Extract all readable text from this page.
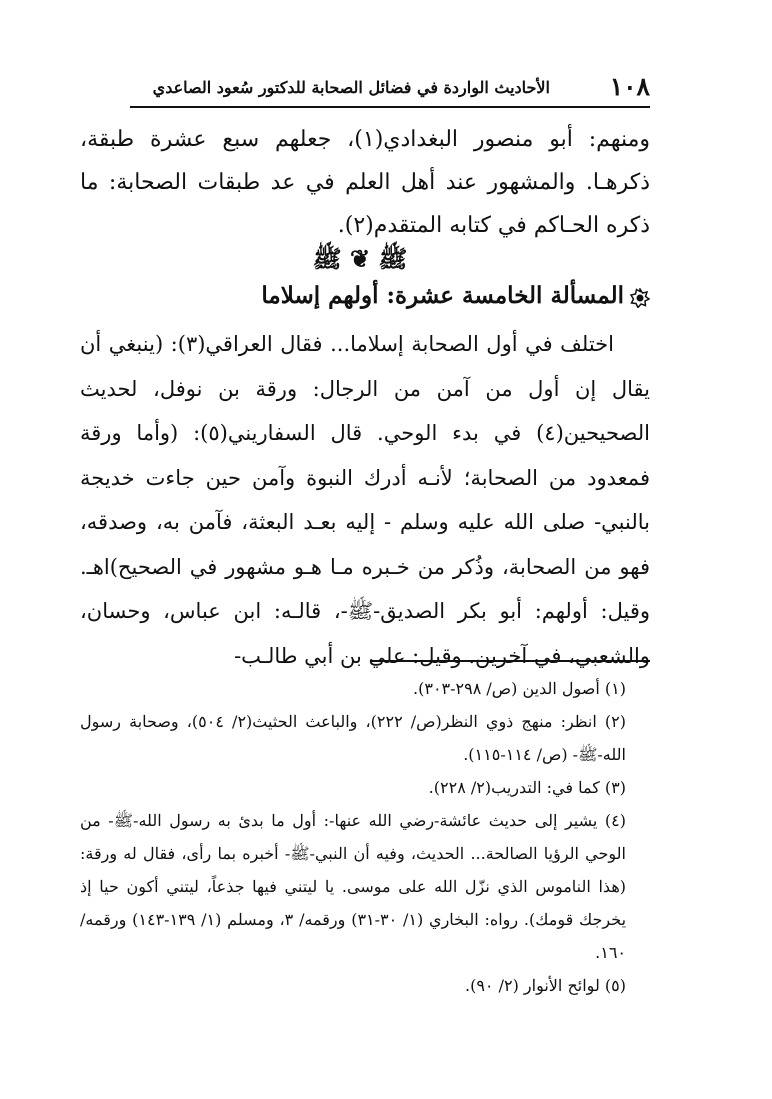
١٠٨
الأحاديث الواردة في فضائل الصحابة للدكتور سُعود الصاعدي

ومنهم: أبو منصور البغدادي(١)، جعلهم سبع عشرة طبقة، ذكرهـا. والمشهور عند أهل العلم في عد طبقات الصحابة: ما ذكره الحـاكم في كتابه المتقدم(٢).

ﷺ ❦ ﷺ
المسألة الخامسة عشرة: أولهم إسلاما

اختلف في أول الصحابة إسلاما... فقال العراقي(٣): (ينبغي أن يقال إن أول من آمن من الرجال: ورقة بن نوفل، لحديث الصحيحين(٤) في بدء الوحي. قال السفاريني(٥): (وأما ورقة فمعدود من الصحابة؛ لأنـه أدرك النبوة وآمن حين جاءت خديجة بالنبي- صلى الله عليه وسلم - إليه بعـد البعثة، فآمن به، وصدقه، فهو من الصحابة، وذُكر من خـبره مـا هـو مشهور في الصحيح)اهـ. وقيل: أولهم: أبو بكر الصديق-ﷺ-، قالـه: ابن عباس، وحسان، والشعبي، في آخرين. وقيل: علي بن أبي طالـب-

(١) أصول الدين (ص/ ٢٩٨-٣٠٣).

(٢) انظر: منهج ذوي النظر(ص/ ٢٢٢)، والباعث الحثيث(٢/ ٥٠٤)، وصحابة رسول الله-ﷺ- (ص/ ١١٤-١١٥).

(٣) كما في: التدريب(٢/ ٢٢٨).

(٤) يشير إلى حديث عائشة-رضي الله عنها-: أول ما بدئ به رسول الله-ﷺ- من الوحي الرؤيا الصالحة... الحديث، وفيه أن النبي-ﷺ- أخبره بما رأى، فقال له ورقة: (هذا الناموس الذي نزّل الله على موسى. يا ليتني فيها جذعاً، ليتني أكون حيا إذ يخرجك قومك). رواه: البخاري (١/ ٣٠-٣١) ورقمه/ ٣، ومسلم (١/ ١٣٩-١٤٣) ورقمه/ ١٦٠.

(٥) لوائح الأنوار (٢/ ٩٠).
